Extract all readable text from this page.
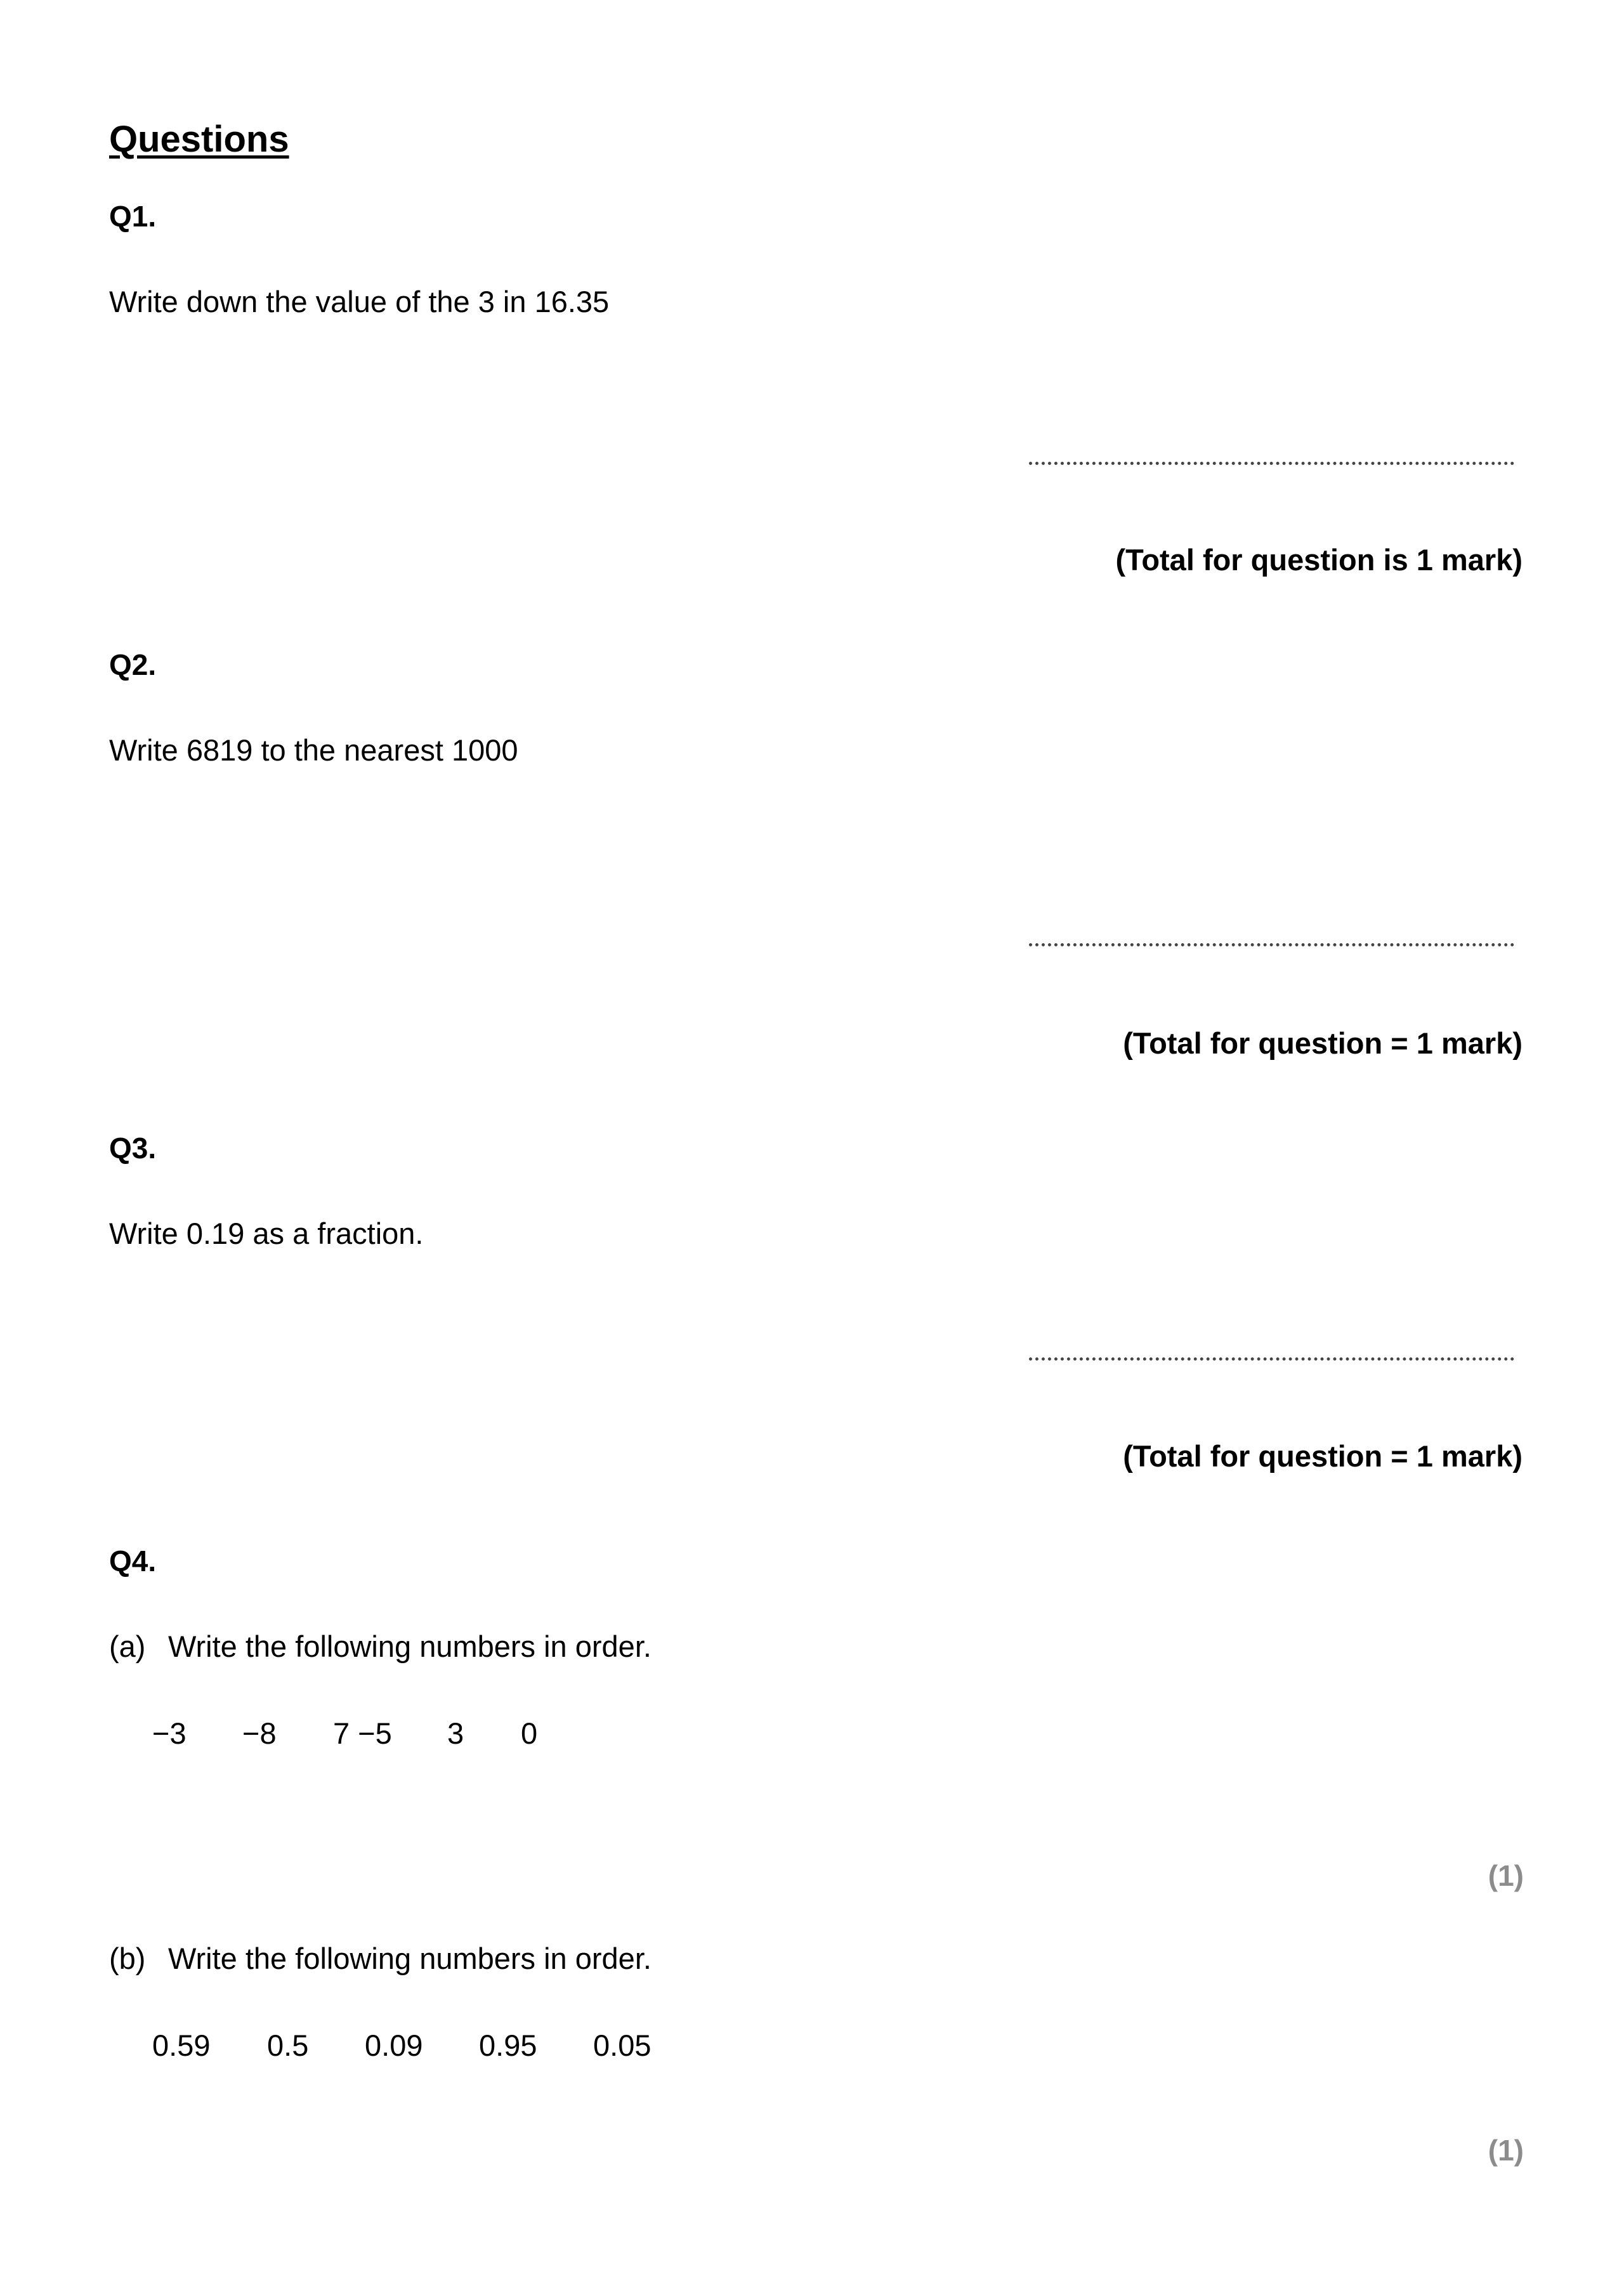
Questions
Q1.
Write down the value of the 3 in 16.35
(Total for question is 1 mark)
Q2.
Write 6819 to the nearest 1000
(Total for question = 1 mark)
Q3.
Write 0.19 as a fraction.
(Total for question = 1 mark)
Q4.
(a) Write the following numbers in order.
−3 −8 7 −5 3 0
(1)
(b) Write the following numbers in order.
0.59 0.5 0.09 0.95 0.05
(1)
